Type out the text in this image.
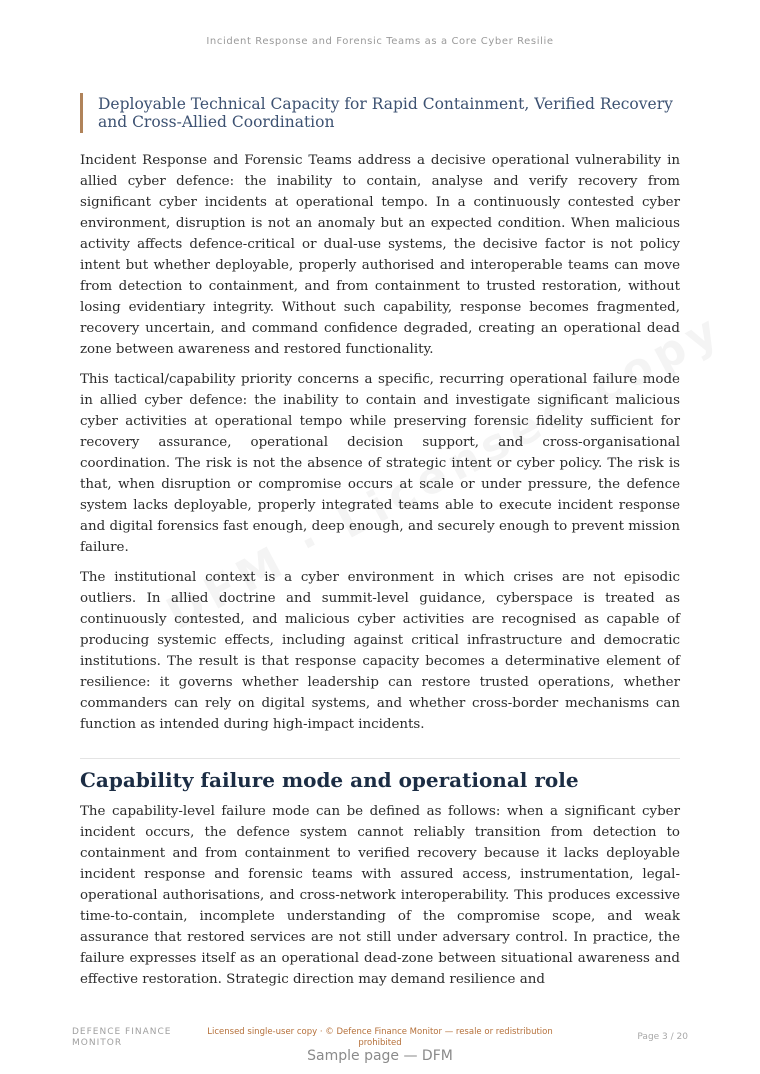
Incident Response and Forensic Teams as a Core Cyber Resilie
Deployable Technical Capacity for Rapid Containment, Verified Recovery and Cross-Allied Coordination

Incident Response and Forensic Teams address a decisive operational vulnerability in allied cyber defence: the inability to contain, analyse and verify recovery from significant cyber incidents at operational tempo. In a continuously contested cyber environment, disruption is not an anomaly but an expected condition. When malicious activity affects defence-critical or dual-use systems, the decisive factor is not policy intent but whether deployable, properly authorised and interoperable teams can move from detection to containment, and from containment to trusted restoration, without losing evidentiary integrity. Without such capability, response becomes fragmented, recovery uncertain, and command confidence degraded, creating an operational dead zone between awareness and restored functionality.

This tactical/capability priority concerns a specific, recurring operational failure mode in allied cyber defence: the inability to contain and investigate significant malicious cyber activities at operational tempo while preserving forensic fidelity sufficient for recovery assurance, operational decision support, and cross-organisational coordination. The risk is not the absence of strategic intent or cyber policy. The risk is that, when disruption or compromise occurs at scale or under pressure, the defence system lacks deployable, properly integrated teams able to execute incident response and digital forensics fast enough, deep enough, and securely enough to prevent mission failure.

The institutional context is a cyber environment in which crises are not episodic outliers. In allied doctrine and summit-level guidance, cyberspace is treated as continuously contested, and malicious cyber activities are recognised as capable of producing systemic effects, including against critical infrastructure and democratic institutions. The result is that response capacity becomes a determinative element of resilience: it governs whether leadership can restore trusted operations, whether commanders can rely on digital systems, and whether cross-border mechanisms can function as intended during high-impact incidents.

Capability failure mode and operational role

The capability-level failure mode can be defined as follows: when a significant cyber incident occurs, the defence system cannot reliably transition from detection to containment and from containment to verified recovery because it lacks deployable incident response and forensic teams with assured access, instrumentation, legal-operational authorisations, and cross-network interoperability. This produces excessive time-to-contain, incomplete understanding of the compromise scope, and weak assurance that restored services are not still under adversary control. In practice, the failure expresses itself as an operational dead-zone between situational awareness and effective restoration. Strategic direction may demand resilience and

DEFENCE FINANCE MONITOR
Licensed single-user copy · © Defence Finance Monitor — resale or redistribution prohibited
Page 3 / 20
Sample page — DFM
